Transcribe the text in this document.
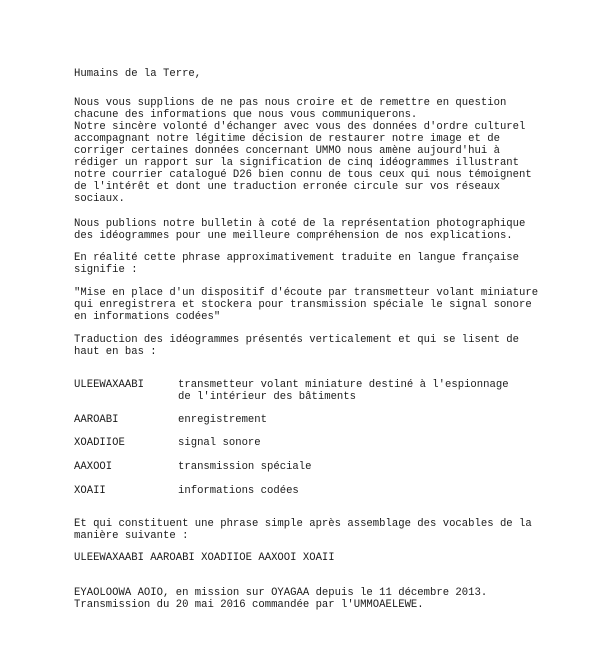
Humains de la Terre,
Nous vous supplions de ne pas nous croire et de remettre en question
chacune des informations que nous vous communiquerons.
Notre sincère volonté d'échanger avec vous des données d'ordre culturel
accompagnant notre légitime décision de restaurer notre image et de
corriger certaines données concernant UMMO nous amène aujourd'hui à
rédiger un rapport sur la signification de cinq idéogrammes illustrant
notre courrier catalogué D26 bien connu de tous ceux qui nous témoignent
de l'intérêt et dont une traduction erronée circule sur vos réseaux
sociaux.
Nous publions notre bulletin à coté de la représentation photographique
des idéogrammes pour une meilleure compréhension de nos explications.
En réalité cette phrase approximativement traduite en langue française
signifie :
"Mise en place d'un dispositif d'écoute par transmetteur volant miniature
qui enregistrera et stockera pour transmission spéciale le signal sonore
en informations codées"
Traduction des idéogrammes présentés verticalement et qui se lisent de
haut en bas :
ULEEWAXAABI	transmetteur volant miniature destiné à l'espionnage
de l'intérieur des bâtiments
AAROABI	enregistrement
XOADIIOE	signal sonore
AAXOOI	transmission spéciale
XOAII	informations codées
Et qui constituent une phrase simple après assemblage des vocables de la
manière suivante :
ULEEWAXAABI AAROABI XOADIIOE AAXOOI XOAII
EYAOLOOWA AOIO, en mission sur OYAGAA depuis le 11 décembre 2013.
Transmission du 20 mai 2016 commandée par l'UMMOAELEWE.
